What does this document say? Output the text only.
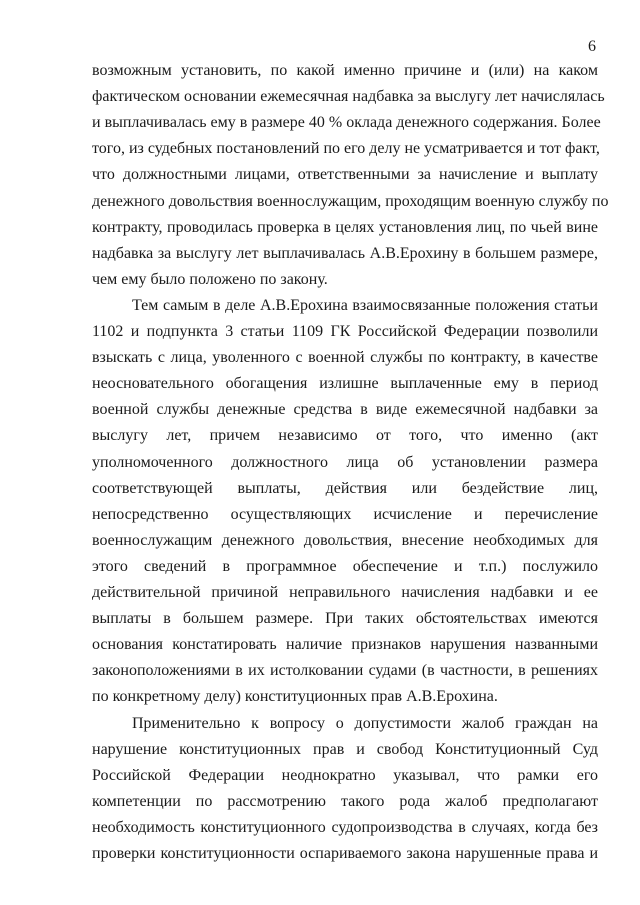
6
возможным установить, по какой именно причине и (или) на каком
фактическом основании ежемесячная надбавка за выслугу лет начислялась
и выплачивалась ему в размере 40 % оклада денежного содержания. Более
того, из судебных постановлений по его делу не усматривается и тот факт,
что должностными лицами, ответственными за начисление и выплату
денежного довольствия военнослужащим, проходящим военную службу по
контракту, проводилась проверка в целях установления лиц, по чьей вине
надбавка за выслугу лет выплачивалась А.В.Ерохину в большем размере,
чем ему было положено по закону.
Тем самым в деле А.В.Ерохина взаимосвязанные положения статьи
1102 и подпункта 3 статьи 1109 ГК Российской Федерации позволили
взыскать с лица, уволенного с военной службы по контракту, в качестве
неосновательного обогащения излишне выплаченные ему в период
военной службы денежные средства в виде ежемесячной надбавки за
выслугу лет, причем независимо от того, что именно (акт
уполномоченного должностного лица об установлении размера
соответствующей выплаты, действия или бездействие лиц,
непосредственно осуществляющих исчисление и перечисление
военнослужащим денежного довольствия, внесение необходимых для
этого сведений в программное обеспечение и т.п.) послужило
действительной причиной неправильного начисления надбавки и ее
выплаты в большем размере. При таких обстоятельствах имеются
основания констатировать наличие признаков нарушения названными
законоположениями в их истолковании судами (в частности, в решениях
по конкретному делу) конституционных прав А.В.Ерохина.
Применительно к вопросу о допустимости жалоб граждан на
нарушение конституционных прав и свобод Конституционный Суд
Российской Федерации неоднократно указывал, что рамки его
компетенции по рассмотрению такого рода жалоб предполагают
необходимость конституционного судопроизводства в случаях, когда без
проверки конституционности оспариваемого закона нарушенные права и
